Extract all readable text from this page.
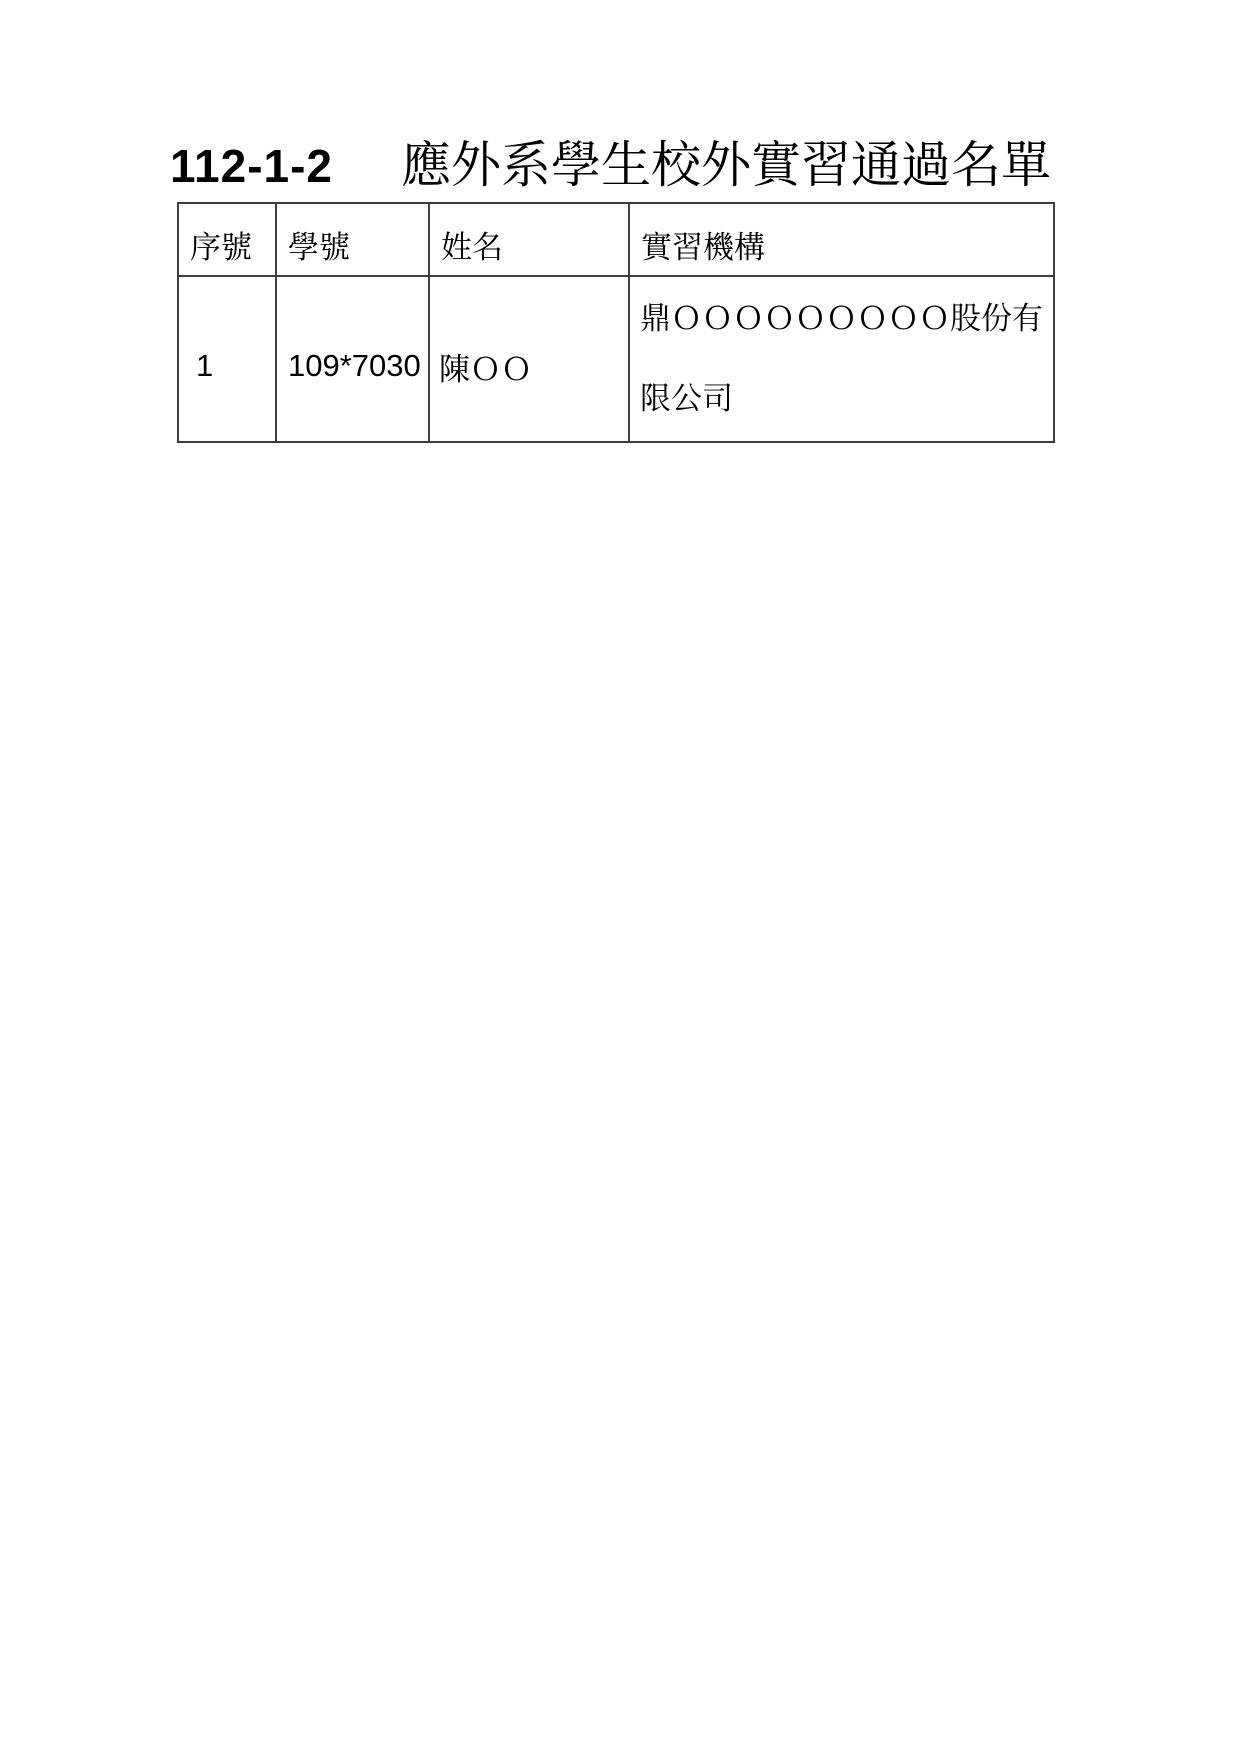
112-1-2 應外系學生校外實習通過名單
序號	學號	姓名	實習機構
1	109*7030	陳ＯＯ	鼎ＯＯＯＯＯＯＯＯＯ股份有限公司
